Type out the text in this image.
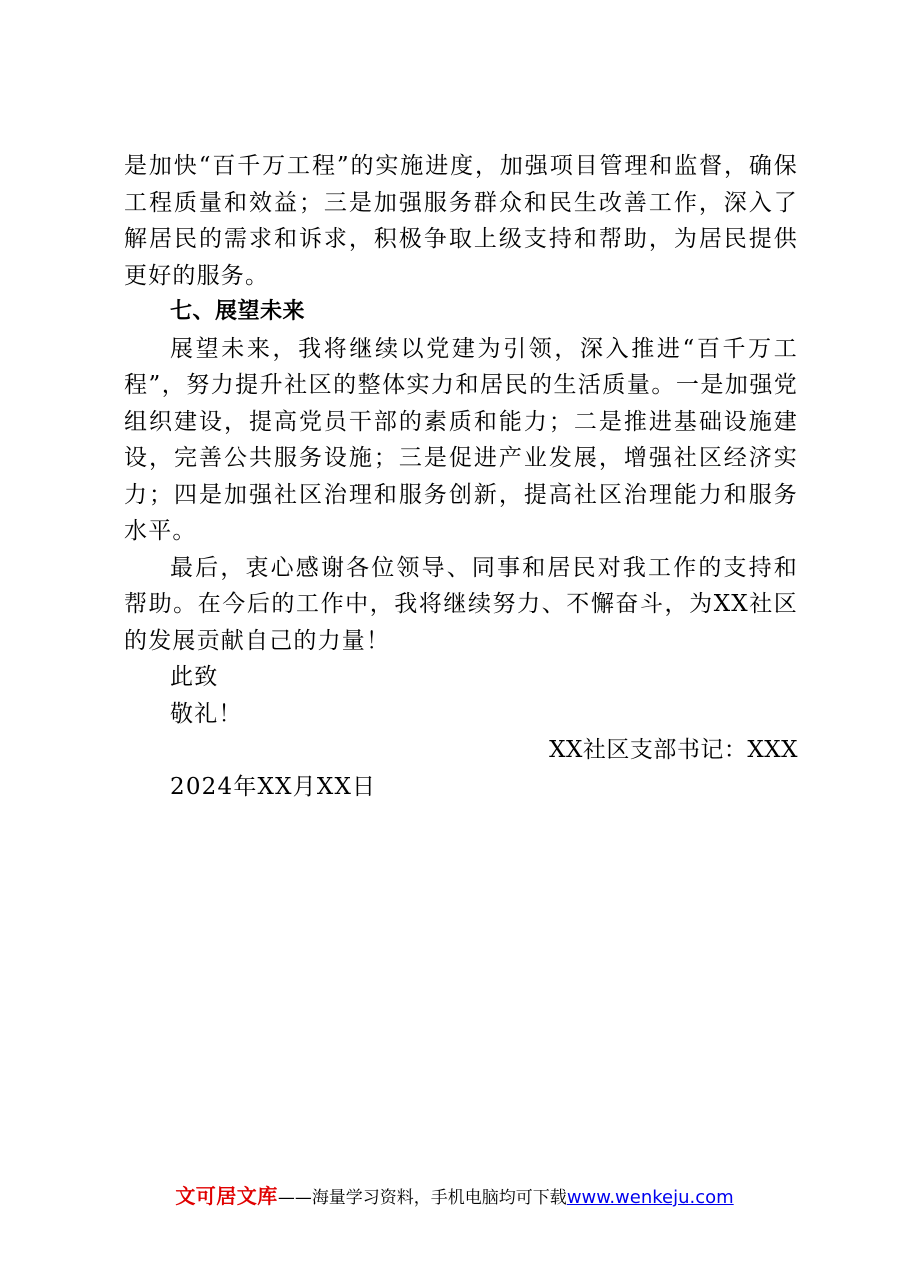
是加快“百千万工程”的实施进度，加强项目管理和监督，确保工程质量和效益；三是加强服务群众和民生改善工作，深入了解居民的需求和诉求，积极争取上级支持和帮助，为居民提供更好的服务。

七、展望未来

展望未来，我将继续以党建为引领，深入推进“百千万工程”，努力提升社区的整体实力和居民的生活质量。一是加强党组织建设，提高党员干部的素质和能力；二是推进基础设施建设，完善公共服务设施；三是促进产业发展，增强社区经济实力；四是加强社区治理和服务创新，提高社区治理能力和服务水平。

最后，衷心感谢各位领导、同事和居民对我工作的支持和帮助。在今后的工作中，我将继续努力、不懈奋斗，为XX社区的发展贡献自己的力量！

此致

敬礼！

XX社区支部书记：XXX

2024年XX月XX日

文可居文库——海量学习资料，手机电脑均可下载www.wenkeju.com
